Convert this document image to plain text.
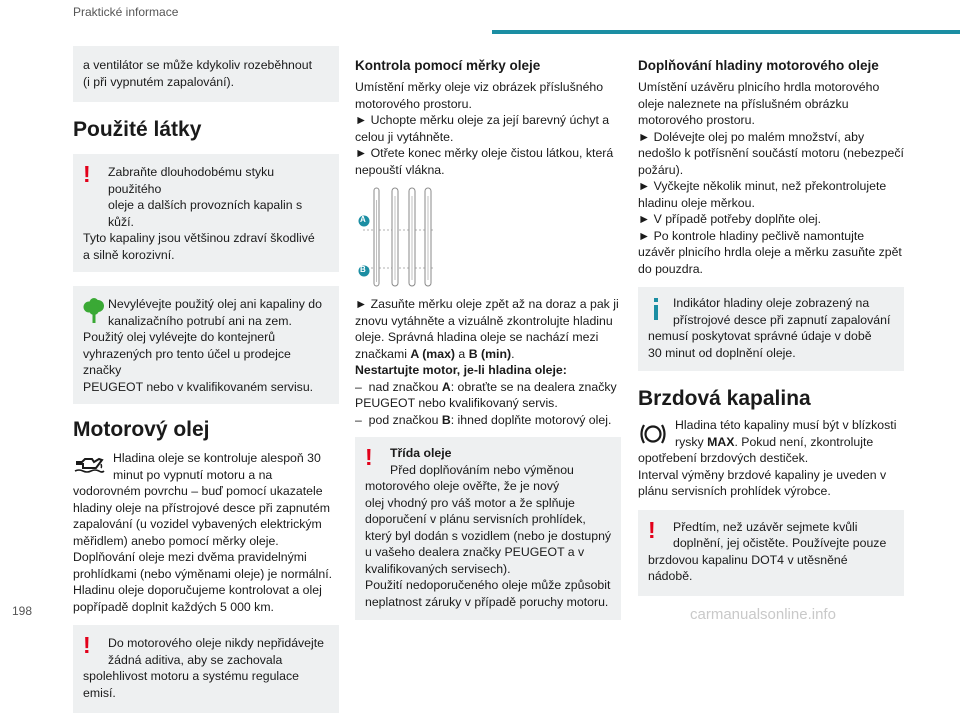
Praktické informace
a ventilátor se může kdykoliv rozeběhnout
(i při vypnutém zapalování).
Použité látky
!	Zabraňte dlouhodobému styku použitého
oleje a dalších provozních kapalin s kůží.
Tyto kapaliny jsou většinou zdraví škodlivé
a silně korozivní.
Nevylévejte použitý olej ani kapaliny do
kanalizačního potrubí ani na zem.
Použitý olej vylévejte do kontejnerů
vyhrazených pro tento účel u prodejce značky
PEUGEOT nebo v kvalifikovaném servisu.
Motorový olej
Hladina oleje se kontroluje alespoň 30
minut po vypnutí motoru a na
vodorovném povrchu – buď pomocí ukazatele
hladiny oleje na přístrojové desce při zapnutém
zapalování (u vozidel vybavených elektrickým
měřidlem) anebo pomocí měrky oleje.
Doplňování oleje mezi dvěma pravidelnými
prohlídkami (nebo výměnami oleje) je normální.
Hladinu oleje doporučujeme kontrolovat a olej
popřípadě doplnit každých 5 000 km.
!	Do motorového oleje nikdy nepřidávejte
žádná aditiva, aby se zachovala
spolehlivost motoru a systému regulace
emisí.
Kontrola pomocí měrky oleje
Umístění měrky oleje viz obrázek příslušného
motorového prostoru.
► Uchopte měrku oleje za její barevný úchyt a
celou ji vytáhněte.
► Otřete konec měrky oleje čistou látkou, která
nepouští vlákna.
A
B
► Zasuňte měrku oleje zpět až na doraz a pak ji
znovu vytáhněte a vizuálně zkontrolujte hladinu
oleje. Správná hladina oleje se nachází mezi
značkami A (max) a B (min).
Nestartujte motor, je-li hladina oleje:
–  nad značkou A: obraťte se na dealera značky
PEUGEOT nebo kvalifikovaný servis.
–  pod značkou B: ihned doplňte motorový olej.
!	Třída oleje
Před doplňováním nebo výměnou
motorového oleje ověřte, že je nový
olej vhodný pro váš motor a že splňuje
doporučení v plánu servisních prohlídek,
který byl dodán s vozidlem (nebo je dostupný
u vašeho dealera značky PEUGEOT a v
kvalifikovaných servisech).
Použití nedoporučeného oleje může způsobit
neplatnost záruky v případě poruchy motoru.
Doplňování hladiny motorového oleje
Umístění uzávěru plnicího hrdla motorového
oleje naleznete na příslušném obrázku
motorového prostoru.
► Dolévejte olej po malém množství, aby
nedošlo k potřísnění součástí motoru (nebezpečí
požáru).
► Vyčkejte několik minut, než překontrolujete
hladinu oleje měrkou.
► V případě potřeby doplňte olej.
► Po kontrole hladiny pečlivě namontujte
uzávěr plnicího hrdla oleje a měrku zasuňte zpět
do pouzdra.
Indikátor hladiny oleje zobrazený na
přístrojové desce při zapnutí zapalování
nemusí poskytovat správné údaje v době
30 minut od doplnění oleje.
Brzdová kapalina
Hladina této kapaliny musí být v blízkosti
rysky MAX. Pokud není, zkontrolujte
opotřebení brzdových destiček.
Interval výměny brzdové kapaliny je uveden v
plánu servisních prohlídek výrobce.
!	Předtím, než uzávěr sejmete kvůli
doplnění, jej očistěte. Používejte pouze
brzdovou kapalinu DOT4 v utěsněné nádobě.
198	carmanualsonline.info
